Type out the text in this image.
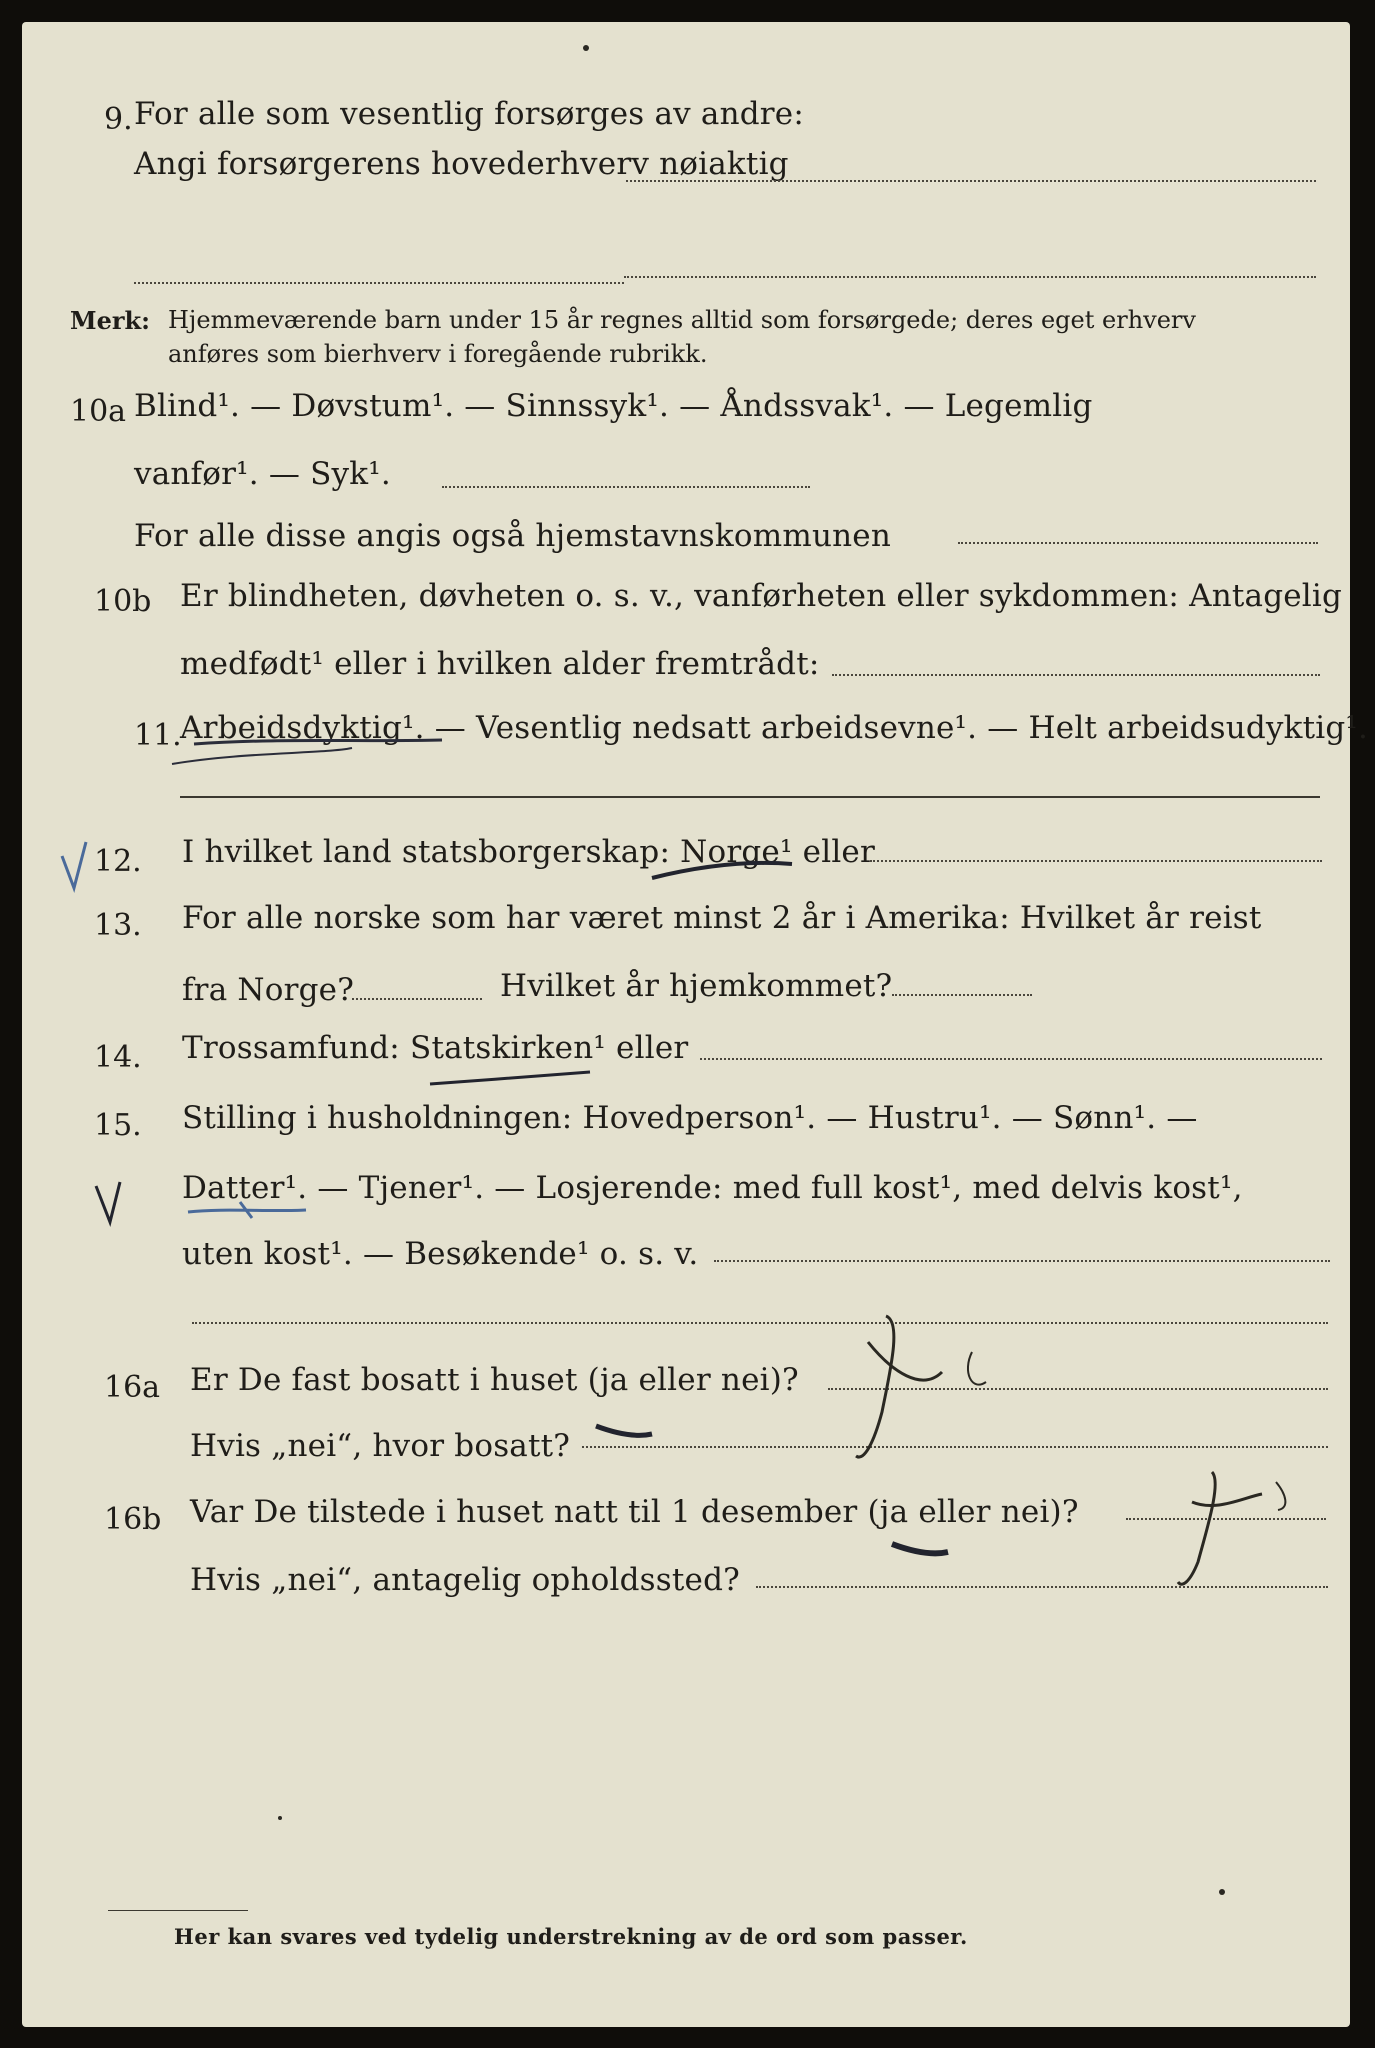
9. For alle som vesentlig forsørges av andre:
Angi forsørgerens hovederhverv nøiaktig
Merk: Hjemmeværende barn under 15 år regnes alltid som forsørgede; deres eget erhverv
anføres som bierhverv i foregående rubrikk.
10a Blind¹. — Døvstum¹. — Sinnssyk¹. — Åndssvak¹. — Legemlig
vanfør¹. — Syk¹.
For alle disse angis også hjemstavnskommunen
10b Er blindheten, døvheten o. s. v., vanførheten eller sykdommen: Antagelig
medfødt¹ eller i hvilken alder fremtrådt:
11.
Arbeidsdyktig¹. — Vesentlig nedsatt arbeidsevne¹. — Helt arbeidsudyktig¹.
12. I hvilket land statsborgerskap: Norge¹ eller
13. For alle norske som har været minst 2 år i Amerika: Hvilket år reist
fra Norge?	Hvilket år hjemkommet?
14. Trossamfund: Statskirken¹ eller
15. Stilling i husholdningen: Hovedperson¹. — Hustru¹. — Sønn¹. —
Datter¹. — Tjener¹. — Losjerende: med full kost¹, med delvis kost¹,
uten kost¹. — Besøkende¹ o. s. v.
16a Er De fast bosatt i huset (ja eller nei)?
Hvis „nei“, hvor bosatt?
16b Var De tilstede i huset natt til 1 desember (ja eller nei)?
Hvis „nei“, antagelig opholdssted?
Her kan svares ved tydelig understrekning av de ord som passer.
